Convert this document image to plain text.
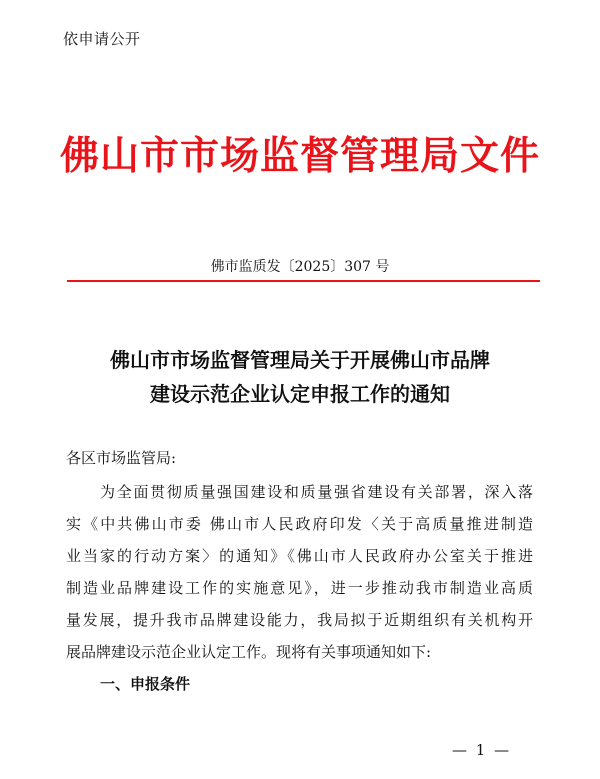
依申请公开
佛山市市场监督管理局文件
佛市监质发〔2025〕307 号
佛山市市场监督管理局关于开展佛山市品牌
建设示范企业认定申报工作的通知
各区市场监管局:
为全面贯彻质量强国建设和质量强省建设有关部署，深入落
实《中共佛山市委 佛山市人民政府印发〈关于高质量推进制造
业当家的行动方案〉的通知》《佛山市人民政府办公室关于推进
制造业品牌建设工作的实施意见》，进一步推动我市制造业高质
量发展，提升我市品牌建设能力，我局拟于近期组织有关机构开
展品牌建设示范企业认定工作。现将有关事项通知如下:
一、申报条件
— 1 —
